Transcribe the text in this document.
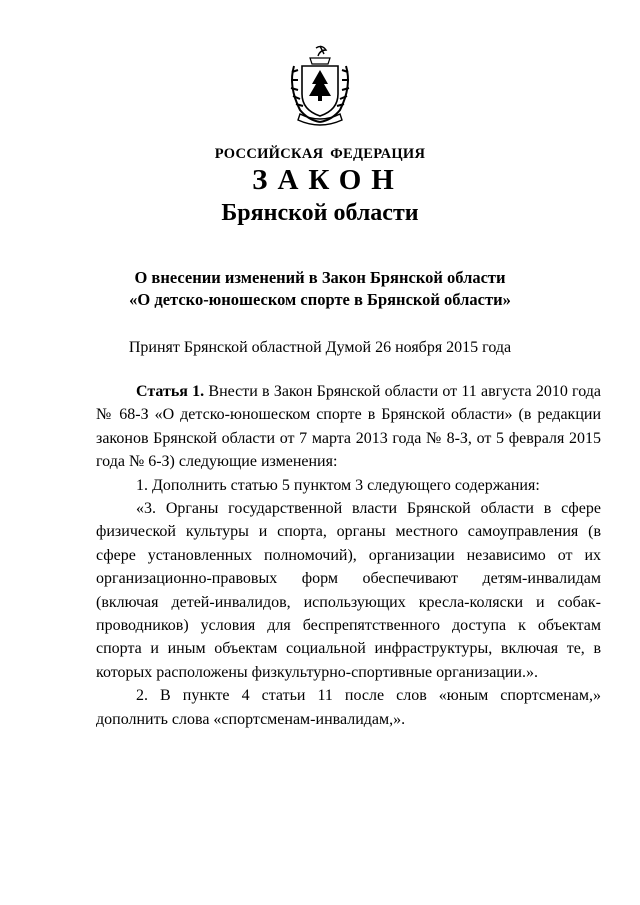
РОССИЙСКАЯ ФЕДЕРАЦИЯ
ЗАКОН
Брянской области
О внесении изменений в Закон Брянской области
«О детско-юношеском спорте в Брянской области»
Принят Брянской областной Думой 26 ноября 2015 года

Статья 1. Внести в Закон Брянской области от 11 августа 2010 года № 68-З «О детско-юношеском спорте в Брянской области» (в редакции законов Брянской области от 7 марта 2013 года № 8-З, от 5 февраля 2015 года № 6-З) следующие изменения:

1. Дополнить статью 5 пунктом 3 следующего содержания:

«3. Органы государственной власти Брянской области в сфере физической культуры и спорта, органы местного самоуправления (в сфере установленных полномочий), организации независимо от их организационно-правовых форм обеспечивают детям-инвалидам (включая детей-инвалидов, использующих кресла-коляски и собак-проводников) условия для беспрепятственного доступа к объектам спорта и иным объектам социальной инфраструктуры, включая те, в которых расположены физкультурно-спортивные организации.».

2. В пункте 4 статьи 11 после слов «юным спортсменам,» дополнить слова «спортсменам-инвалидам,».
